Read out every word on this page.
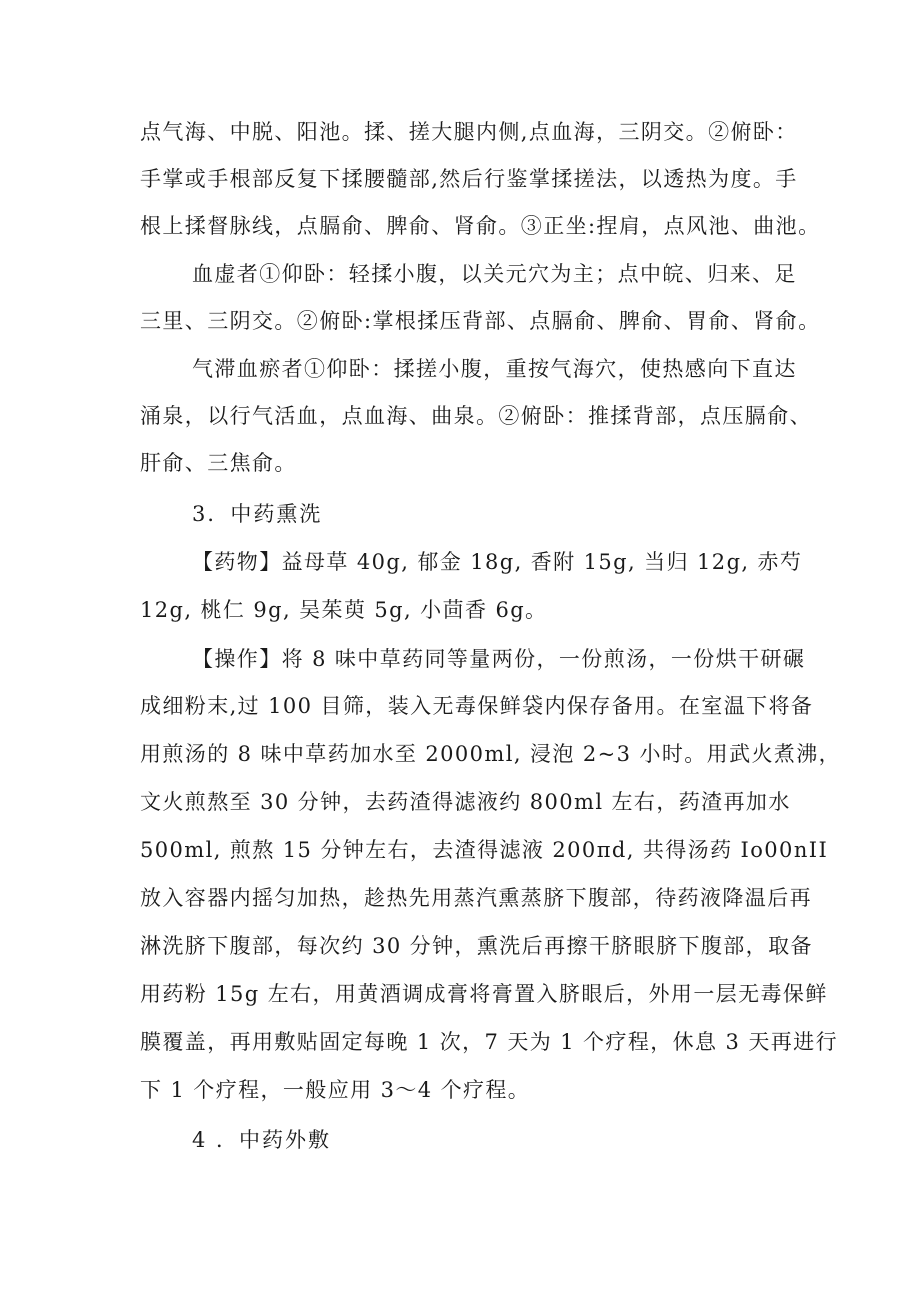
点气海、中脱、阳池。揉、搓大腿内侧,点血海，三阴交。②俯卧：
手掌或手根部反复下揉腰髓部,然后行鉴掌揉搓法，以透热为度。手
根上揉督脉线，点膈俞、脾俞、肾俞。③正坐:捏肩，点风池、曲池。
血虚者①仰卧：轻揉小腹，以关元穴为主；点中皖、归来、足
三里、三阴交。②俯卧:掌根揉压背部、点膈俞、脾俞、胃俞、肾俞。
气滞血瘀者①仰卧：揉搓小腹，重按气海穴，使热感向下直达
涌泉，以行气活血，点血海、曲泉。②俯卧：推揉背部，点压膈俞、
肝俞、三焦俞。
3．中药熏洗
【药物】益母草 40g, 郁金 18g, 香附 15g, 当归 12g, 赤芍
12g, 桃仁 9g, 吴茱萸 5g, 小茴香 6g。
【操作】将 8 味中草药同等量两份，一份煎汤，一份烘干研碾
成细粉末,过 100 目筛，装入无毒保鲜袋内保存备用。在室温下将备
用煎汤的 8 味中草药加水至 2000ml, 浸泡 2~3 小时。用武火煮沸，
文火煎熬至 30 分钟，去药渣得滤液约 800ml 左右，药渣再加水
500ml, 煎熬 15 分钟左右，去渣得滤液 200πd, 共得汤药 Io00nII
放入容器内摇匀加热，趁热先用蒸汽熏蒸脐下腹部，待药液降温后再
淋洗脐下腹部，每次约 30 分钟，熏洗后再擦干脐眼脐下腹部，取备
用药粉 15g 左右，用黄酒调成膏将膏置入脐眼后，外用一层无毒保鲜
膜覆盖，再用敷贴固定每晚 1 次，7 天为 1 个疗程，休息 3 天再进行
下 1 个疗程，一般应用 3～4 个疗程。
4 ．中药外敷
